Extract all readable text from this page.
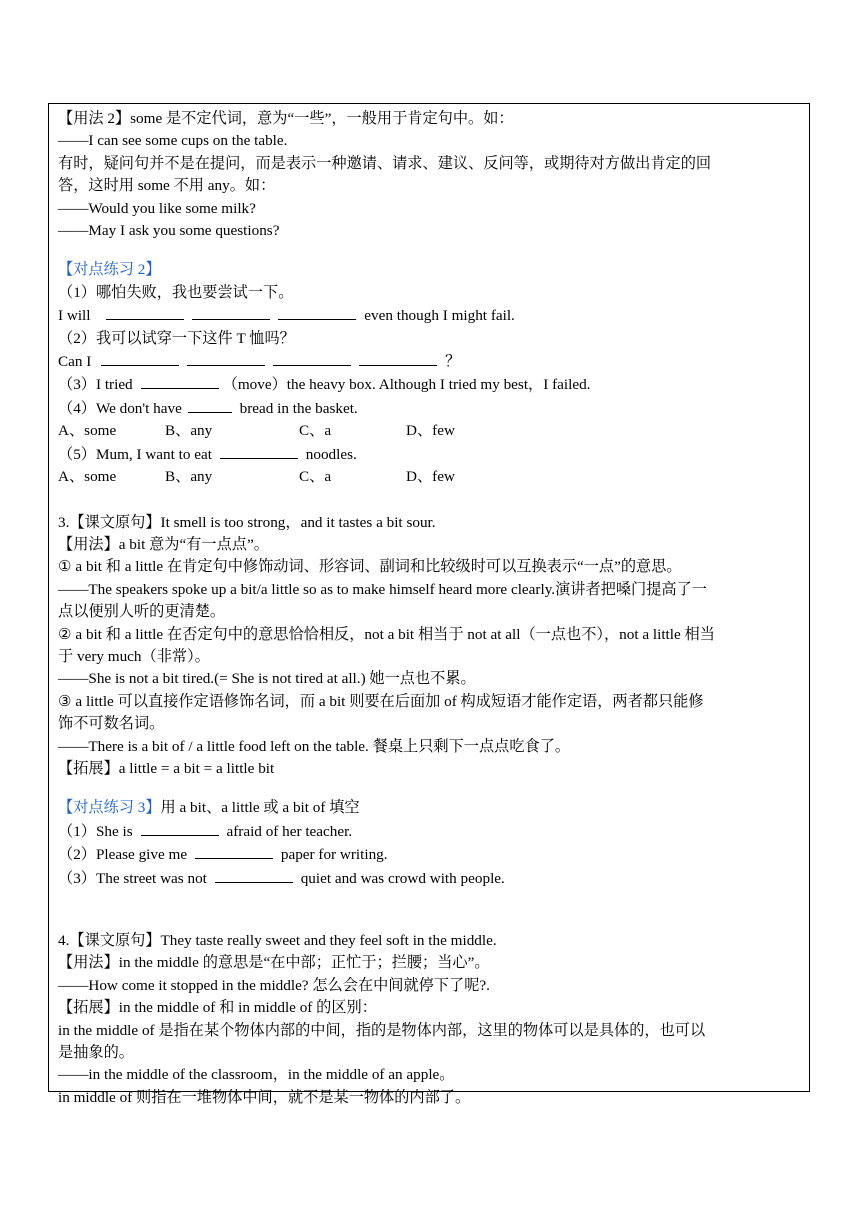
【用法 2】some 是不定代词，意为“一些”，一般用于肯定句中。如：
——I can see some cups on the table.
有时，疑问句并不是在提问，而是表示一种邀请、请求、建议、反问等，或期待对方做出肯定的回
答，这时用 some 不用 any。如：
——Would you like some milk?
——May I ask you some questions?
【对点练习 2】
（1）哪怕失败，我也要尝试一下。
I will	even though I might fail.
（2）我可以试穿一下这件 T 恤吗？
Can I	？
（3）I tried	（move）the heavy box. Although I tried my best，I failed.
（4）We don't have	bread in the basket.
A、some	B、any	C、a	D、few
（5）Mum, I want to eat	noodles.
A、some	B、any	C、a	D、few
3.【课文原句】It smell is too strong，and it tastes a bit sour.
【用法】a bit 意为“有一点点”。
① a bit 和 a little 在肯定句中修饰动词、形容词、副词和比较级时可以互换表示“一点”的意思。
——The speakers spoke up a bit/a little so as to make himself heard more clearly.演讲者把嗓门提高了一
点以便别人听的更清楚。
② a bit 和 a little 在否定句中的意思恰恰相反，not a bit 相当于 not at all（一点也不），not a little 相当
于 very much（非常）。
——She is not a bit tired.(= She is not tired at all.) 她一点也不累。
③ a little 可以直接作定语修饰名词，而 a bit 则要在后面加 of 构成短语才能作定语，两者都只能修
饰不可数名词。
——There is a bit of / a little food left on the table. 餐桌上只剩下一点点吃食了。
【拓展】a little = a bit = a little bit
【对点练习 3】用 a bit、a little 或 a bit of 填空
（1）She is	afraid of her teacher.
（2）Please give me	paper for writing.
（3）The street was not	quiet and was crowd with people.
4.【课文原句】They taste really sweet and they feel soft in the middle.
【用法】in the middle 的意思是“在中部；正忙于；拦腰；当心”。
——How come it stopped in the middle? 怎么会在中间就停下了呢?.
【拓展】in the middle of 和 in middle of 的区别：
in the middle of 是指在某个物体内部的中间，指的是物体内部，这里的物体可以是具体的，也可以
是抽象的。
——in the middle of the classroom，in the middle of an apple。
in middle of 则指在一堆物体中间，就不是某一物体的内部了。
